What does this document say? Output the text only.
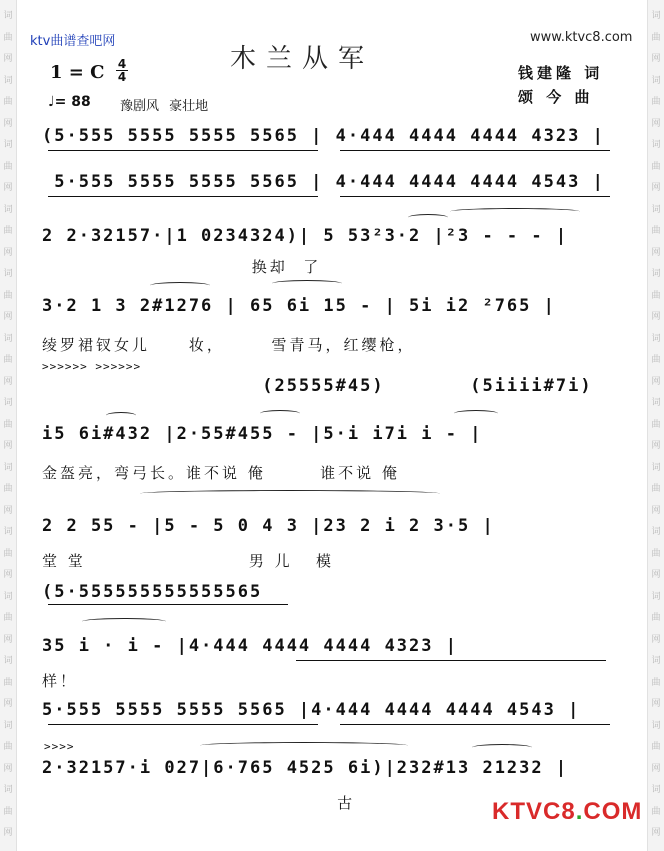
词	词
曲	曲
网	网
词	词
曲	曲
网	网
词	词
曲	曲
网	网
词	词
曲	曲
网	网
词	词
曲	曲
网	网
词	词
曲	曲
网	网
词	词
曲	曲
网	网
词	词
曲	曲
网	网
词	词
曲	曲
网	网
词	词
曲	曲
网	网
词	词
曲	曲
网	网
词	词
曲	曲
网	网
词	词
曲	曲
网	网
ktv曲谱查吧网	www.ktvc8.com
木兰从军
1 = C 4
4
♩= 88 豫剧风 豪壮地
钱建隆 词
颂 今 曲
(5·555 5555 5555 5565 | 4·444 4444 4444 4323 |
5·555 5555 5555 5565 | 4·444 4444 4444 4543 |
2 2·32157·|1 0234324)| 5 53²3·2 |²3 - - - |
换却  了
3·2 1 3 2#1276 | 65 6i 15 - | 5i i2 ²765 |
绫罗裙钗女儿     妆，      雪青马，红缨枪，
>>>>>> >>>>>>
(25555#45)       (5iiii#7i)
i5 6i#432 |2·55#455 - |5·i i7i i - |
金盔亮，弯弓长。谁不说 俺       谁不说 俺
2 2 55 - |5 - 5 0 4 3 |23 2 i 2 3·5 |
堂 堂                     男 儿   模
(5·555555555555565
35 i · i - |4·444 4444 4444 4323 |
样！
5·555 5555 5555 5565 |4·444 4444 4444 4543 |
>>>>
2·32157·i 027|6·765 4525 6i)|232#13 21232 |
古	KTVC8.COM
